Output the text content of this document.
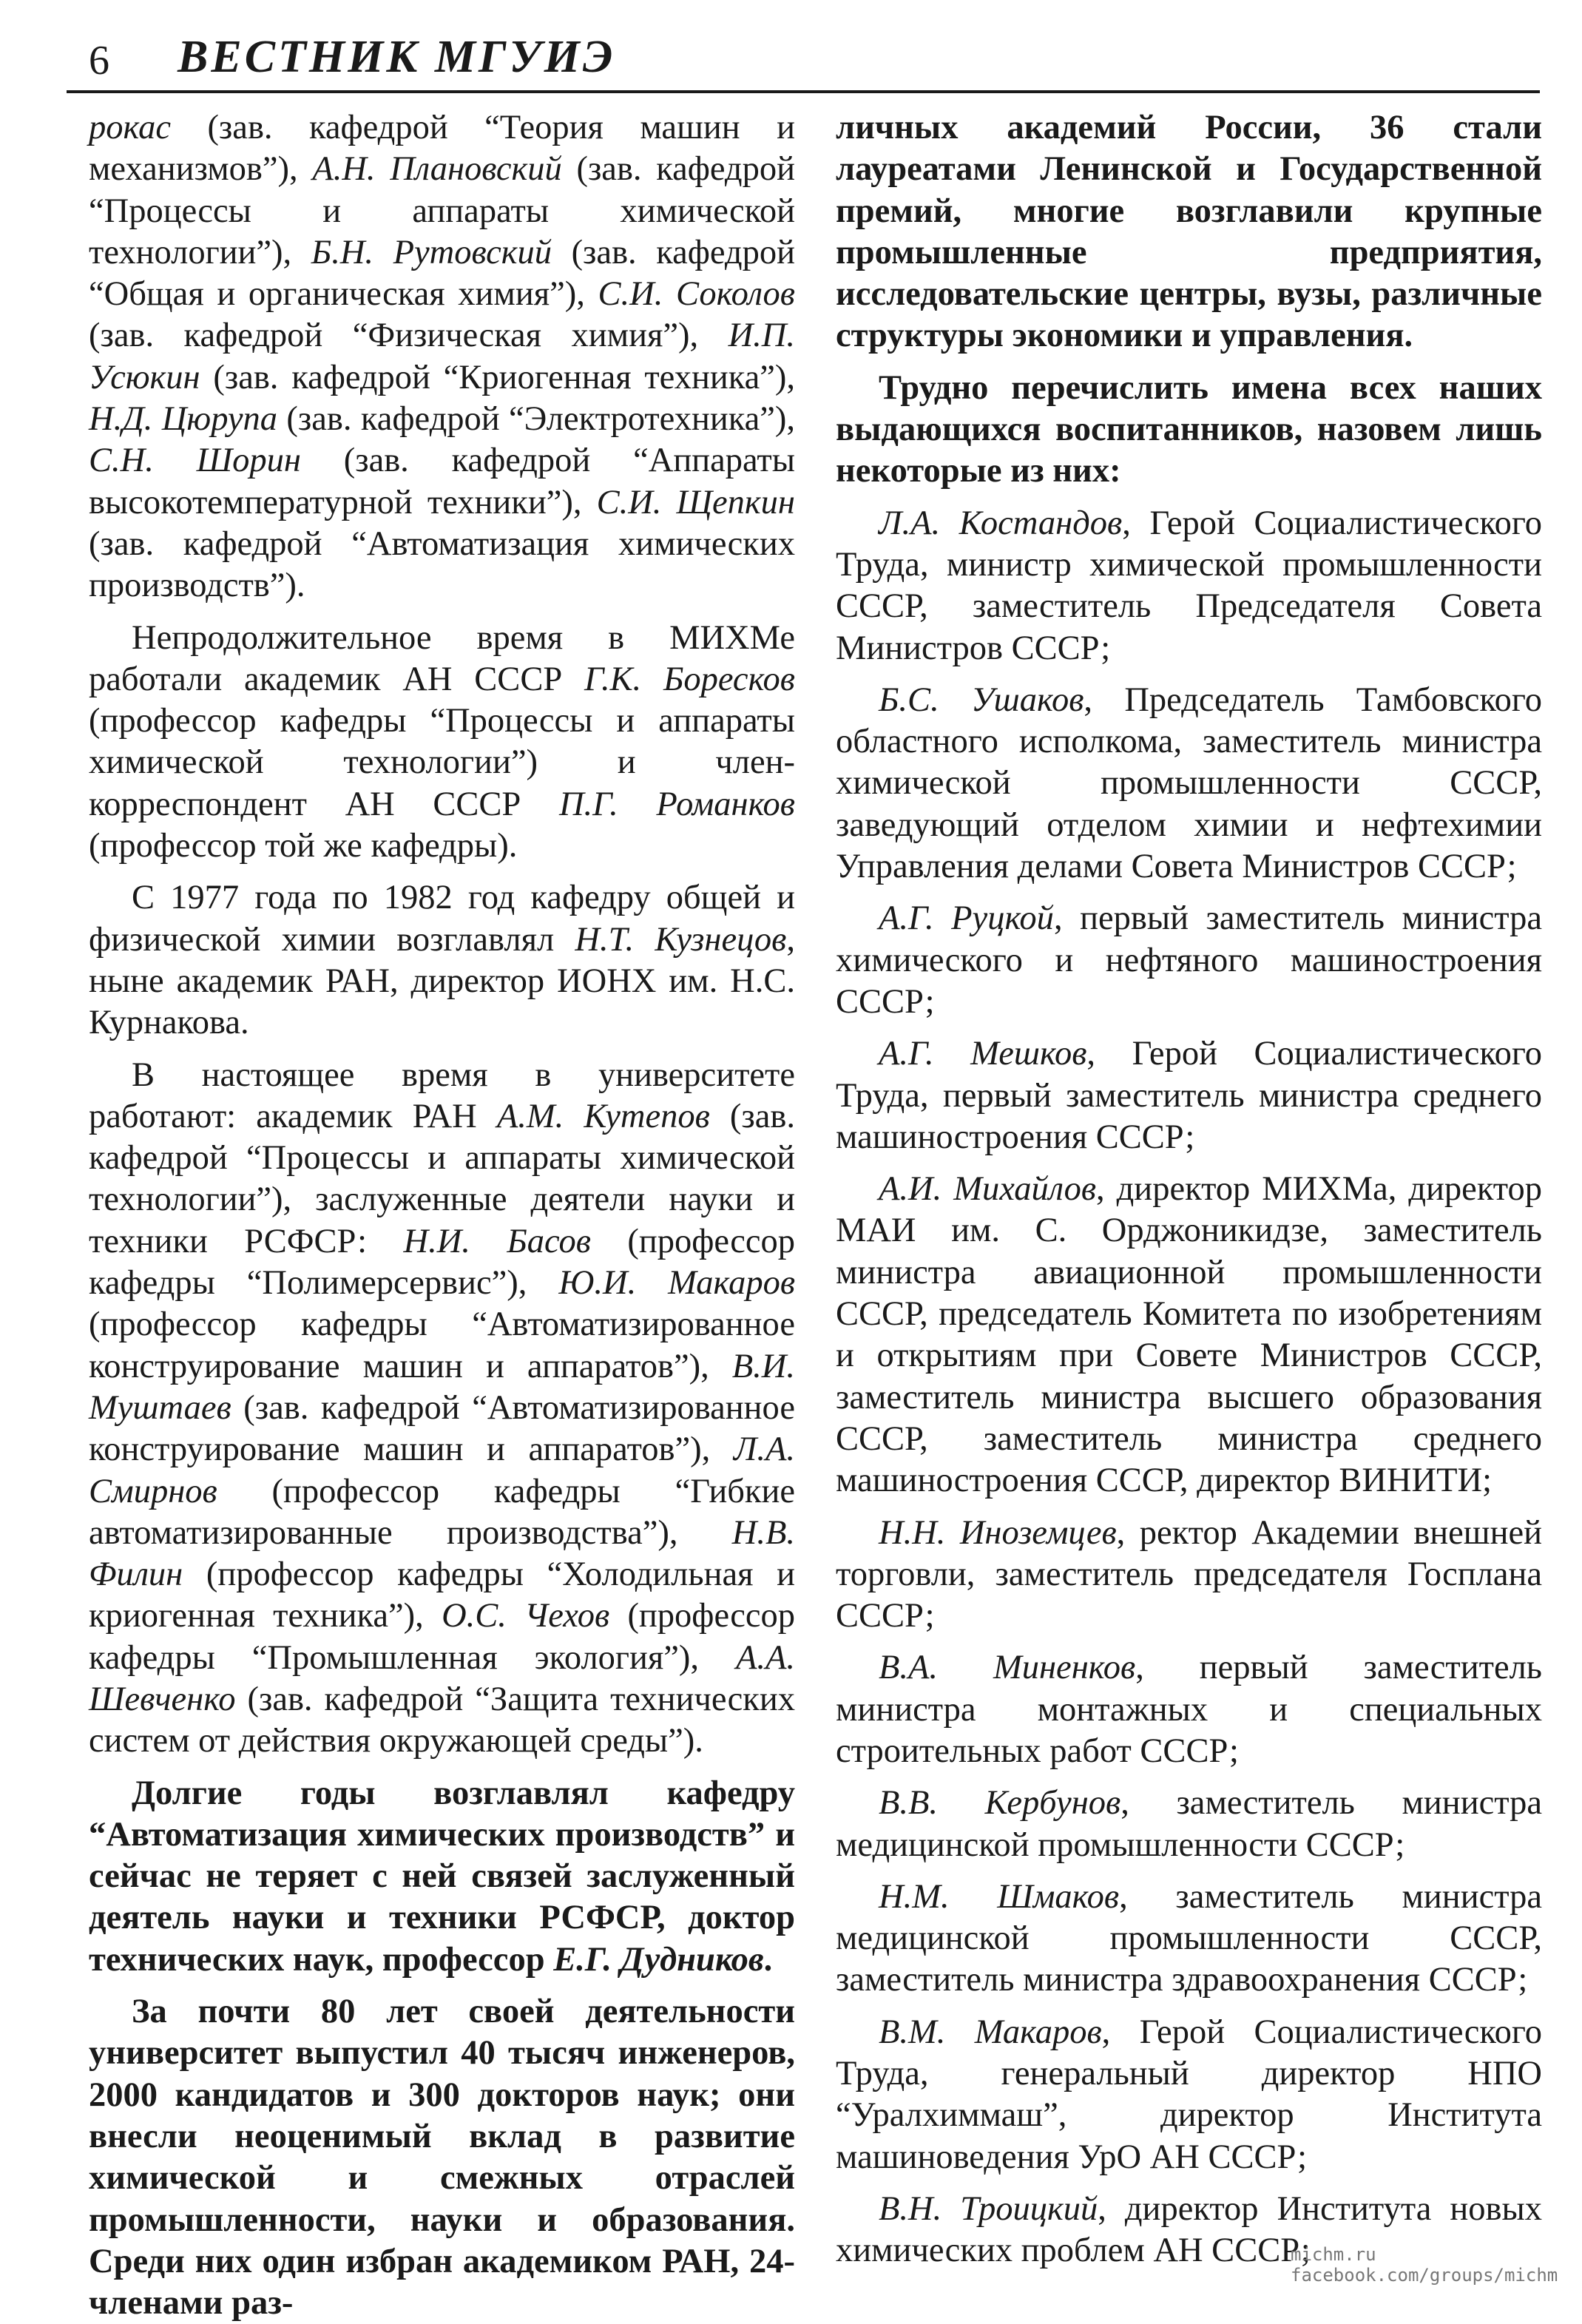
6 ВЕСТНИК МГУИЭ

рокас (зав. кафедрой “Теория машин и механизмов”), А.Н. Плановский (зав. кафедрой “Процессы и аппараты химической технологии”), Б.Н. Рутовский (зав. кафедрой “Общая и органическая химия”), С.И. Соколов (зав. кафедрой “Физическая химия”), И.П. Усюкин (зав. кафедрой “Криогенная техника”), Н.Д. Цюрупа (зав. кафедрой “Электротехника”), С.Н. Шорин (зав. кафедрой “Аппараты высокотемпературной техники”), С.И. Щепкин (зав. кафедрой “Автоматизация химических производств”).

Непродолжительное время в МИХМе работали академик АН СССР Г.К. Боресков (профессор кафедры “Процессы и аппараты химической технологии”) и член-корреспондент АН СССР П.Г. Романков (профессор той же кафедры).

С 1977 года по 1982 год кафедру общей и физической химии возглавлял Н.Т. Кузнецов, ныне академик РАН, директор ИОНХ им. Н.С. Курнакова.

В настоящее время в университете работают: академик РАН А.М. Кутепов (зав. кафедрой “Процессы и аппараты химической технологии”), заслуженные деятели науки и техники РСФСР: Н.И. Басов (профессор кафедры “Полимерсервис”), Ю.И. Макаров (профессор кафедры “Автоматизированное конструирование машин и аппаратов”), В.И. Муштаев (зав. кафедрой “Автоматизированное конструирование машин и аппаратов”), Л.А. Смирнов (профессор кафедры “Гибкие автоматизированные производства”), Н.В. Филин (профессор кафедры “Холодильная и криогенная техника”), О.С. Чехов (профессор кафедры “Промышленная экология”), А.А. Шевченко (зав. кафедрой “Защита технических систем от действия окружающей среды”).

Долгие годы возглавлял кафедру “Автоматизация химических производств” и сейчас не теряет с ней связей заслуженный деятель науки и техники РСФСР, доктор технических наук, профессор Е.Г. Дудников.

За почти 80 лет своей деятельности университет выпустил 40 тысяч инженеров, 2000 кандидатов и 300 докторов наук; они внесли неоценимый вклад в развитие химической и смежных отраслей промышленности, науки и образования. Среди них один избран академиком РАН, 24- членами раз-

личных академий России, 36 стали лауреатами Ленинской и Государственной премий, многие возглавили крупные промышленные предприятия, исследовательские центры, вузы, различные структуры экономики и управления.

Трудно перечислить имена всех наших выдающихся воспитанников, назовем лишь некоторые из них:

Л.А. Костандов, Герой Социалистического Труда, министр химической промышленности СССР, заместитель Председателя Совета Министров СССР;

Б.С. Ушаков, Председатель Тамбовского областного исполкома, заместитель министра химической промышленности СССР, заведующий отделом химии и нефтехимии Управления делами Совета Министров СССР;

А.Г. Руцкой, первый заместитель министра химического и нефтяного машиностроения СССР;

А.Г. Мешков, Герой Социалистического Труда, первый заместитель министра среднего машиностроения СССР;

А.И. Михайлов, директор МИХМа, директор МАИ им. С. Орджоникидзе, заместитель министра авиационной промышленности СССР, председатель Комитета по изобретениям и открытиям при Совете Министров СССР, заместитель министра высшего образования СССР, заместитель министра среднего машиностроения СССР, директор ВИНИТИ;

Н.Н. Иноземцев, ректор Академии внешней торговли, заместитель председателя Госплана СССР;

В.А. Миненков, первый заместитель министра монтажных и специальных строительных работ СССР;

В.В. Кербунов, заместитель министра медицинской промышленности СССР;

Н.М. Шмаков, заместитель министра медицинской промышленности СССР, заместитель министра здравоохранения СССР;

В.М. Макаров, Герой Социалистического Труда, генеральный директор НПО “Уралхиммаш”, директор Института машиноведения УрО АН СССР;

В.Н. Троицкий, директор Института новых химических проблем АН СССР;

michm.ru
facebook.com/groups/michm
